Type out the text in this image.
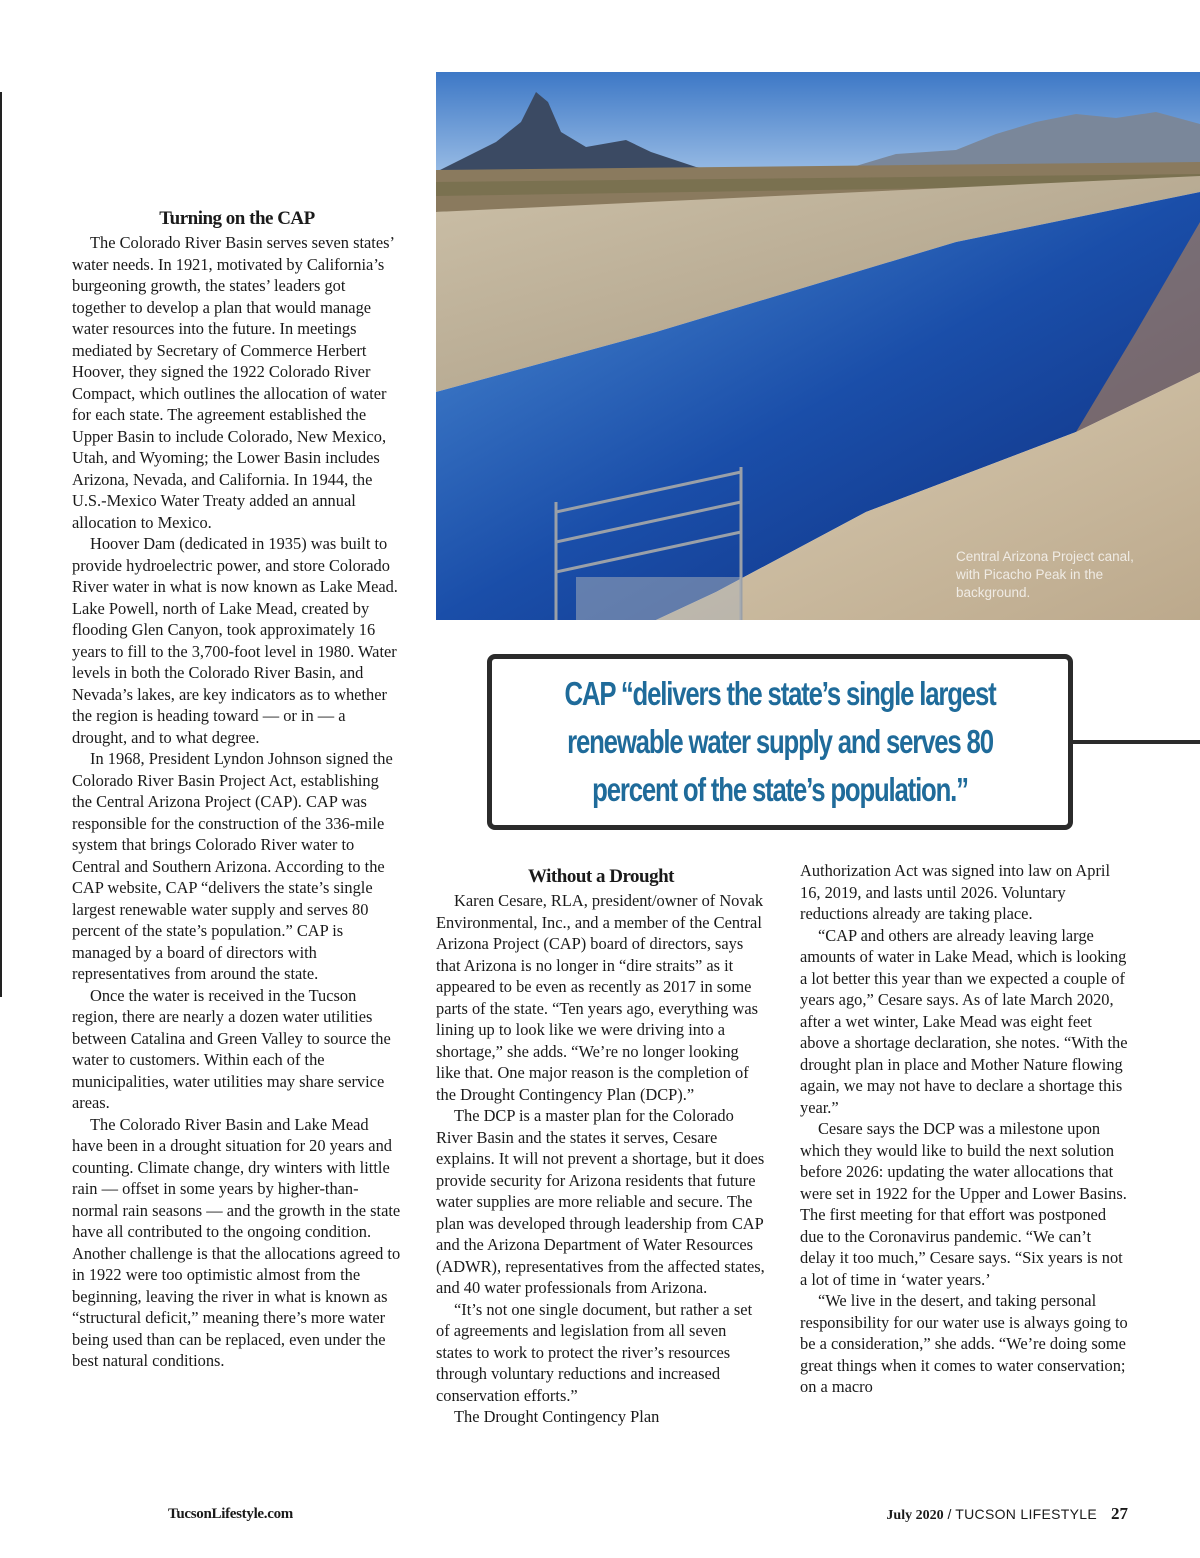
Central Arizona Project canal, with Picacho Peak in the background.
CAP “delivers the state’s single largest renewable water supply and serves 80 percent of the state’s population.”
Turning on the CAP

The Colorado River Basin serves seven states’ water needs. In 1921, motivated by California’s burgeoning growth, the states’ leaders got together to develop a plan that would manage water resources into the future. In meetings mediated by Secretary of Commerce Herbert Hoover, they signed the 1922 Colorado River Compact, which outlines the allocation of water for each state. The agreement established the Upper Basin to include Colorado, New Mexico, Utah, and Wyoming; the Lower Basin includes Arizona, Nevada, and California. In 1944, the U.S.-Mexico Water Treaty added an annual allocation to Mexico.

Hoover Dam (dedicated in 1935) was built to provide hydroelectric power, and store Colorado River water in what is now known as Lake Mead. Lake Powell, north of Lake Mead, created by flooding Glen Canyon, took approximately 16 years to fill to the 3,700-foot level in 1980. Water levels in both the Colorado River Basin, and Nevada’s lakes, are key indicators as to whether the region is heading toward — or in — a drought, and to what degree.

In 1968, President Lyndon Johnson signed the Colorado River Basin Project Act, establishing the Central Arizona Project (CAP). CAP was responsible for the construction of the 336-mile system that brings Colorado River water to Central and Southern Arizona. According to the CAP website, CAP “delivers the state’s single largest renewable water supply and serves 80 percent of the state’s population.” CAP is managed by a board of directors with representatives from around the state.

Once the water is received in the Tucson region, there are nearly a dozen water utilities between Catalina and Green Valley to source the water to customers. Within each of the municipalities, water utilities may share service areas.

The Colorado River Basin and Lake Mead have been in a drought situation for 20 years and counting. Climate change, dry winters with little rain — offset in some years by higher-than-normal rain seasons — and the growth in the state have all contributed to the ongoing condition. Another challenge is that the allocations agreed to in 1922 were too optimistic almost from the beginning, leaving the river in what is known as “structural deficit,” meaning there’s more water being used than can be replaced, even under the best natural conditions.

Without a Drought

Karen Cesare, RLA, president/owner of Novak Environmental, Inc., and a member of the Central Arizona Project (CAP) board of directors, says that Arizona is no longer in “dire straits” as it appeared to be even as recently as 2017 in some parts of the state. “Ten years ago, everything was lining up to look like we were driving into a shortage,” she adds. “We’re no longer looking like that. One major reason is the completion of the Drought Contingency Plan (DCP).”

The DCP is a master plan for the Colorado River Basin and the states it serves, Cesare explains. It will not prevent a shortage, but it does provide security for Arizona residents that future water supplies are more reliable and secure. The plan was developed through leadership from CAP and the Arizona Department of Water Resources (ADWR), representatives from the affected states, and 40 water professionals from Arizona.

“It’s not one single document, but rather a set of agreements and legislation from all seven states to work to protect the river’s resources through voluntary reductions and increased conservation efforts.”

The Drought Contingency Plan

Authorization Act was signed into law on April 16, 2019, and lasts until 2026. Voluntary reductions already are taking place.

“CAP and others are already leaving large amounts of water in Lake Mead, which is looking a lot better this year than we expected a couple of years ago,” Cesare says. As of late March 2020, after a wet winter, Lake Mead was eight feet above a shortage declaration, she notes. “With the drought plan in place and Mother Nature flowing again, we may not have to declare a shortage this year.”

Cesare says the DCP was a milestone upon which they would like to build the next solution before 2026: updating the water allocations that were set in 1922 for the Upper and Lower Basins. The first meeting for that effort was postponed due to the Coronavirus pandemic. “We can’t delay it too much,” Cesare says. “Six years is not a lot of time in ‘water years.’

“We live in the desert, and taking personal responsibility for our water use is always going to be a consideration,” she adds. “We’re doing some great things when it comes to water conservation; on a macro

TucsonLifestyle.com	July 2020 / TUCSON LIFESTYLE 27
